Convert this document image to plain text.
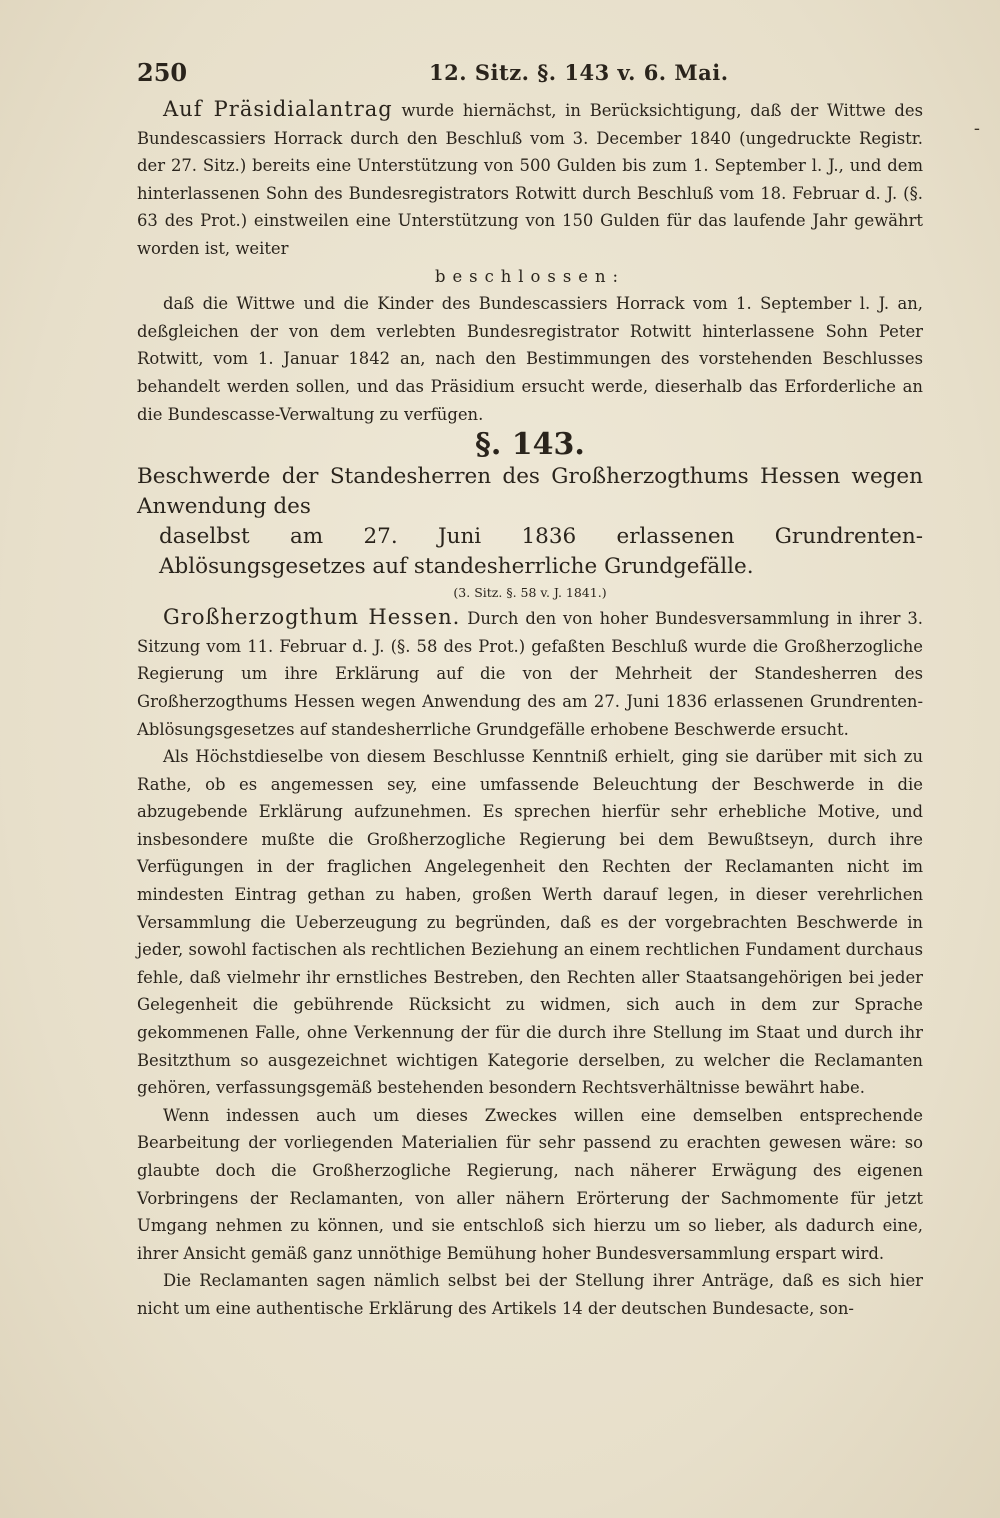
250	12. Sitz. §. 143 v. 6. Mai.
-

Auf Präsidialantrag wurde hiernächst, in Berücksichtigung, daß der Wittwe des Bundescassiers Horrack durch den Beschluß vom 3. December 1840 (ungedruckte Registr. der 27. Sitz.) bereits eine Unterstützung von 500 Gulden bis zum 1. September l. J., und dem hinterlassenen Sohn des Bundesregistrators Rotwitt durch Beschluß vom 18. Februar d. J. (§. 63 des Prot.) einstweilen eine Unterstützung von 150 Gulden für das laufende Jahr gewährt worden ist, weiter

beschlossen:

daß die Wittwe und die Kinder des Bundescassiers Horrack vom 1. September l. J. an, deßgleichen der von dem verlebten Bundesregistrator Rotwitt hinterlassene Sohn Peter Rotwitt, vom 1. Januar 1842 an, nach den Bestimmungen des vorstehenden Beschlusses behandelt werden sollen, und das Präsidium ersucht werde, dieserhalb das Erforderliche an die Bundescasse-Verwaltung zu verfügen.

§. 143.

Beschwerde der Standesherren des Großherzogthums Hessen wegen Anwendung des
daselbst am 27. Juni 1836 erlassenen Grundrenten-Ablösungsgesetzes auf standesherrliche Grundgefälle.

(3. Sitz. §. 58 v. J. 1841.)

Großherzogthum Hessen. Durch den von hoher Bundesversammlung in ihrer 3. Sitzung vom 11. Februar d. J. (§. 58 des Prot.) gefaßten Beschluß wurde die Großherzogliche Regierung um ihre Erklärung auf die von der Mehrheit der Standesherren des Großherzogthums Hessen wegen Anwendung des am 27. Juni 1836 erlassenen Grundrenten-Ablösungsgesetzes auf standesherrliche Grundgefälle erhobene Beschwerde ersucht.

Als Höchstdieselbe von diesem Beschlusse Kenntniß erhielt, ging sie darüber mit sich zu Rathe, ob es angemessen sey, eine umfassende Beleuchtung der Beschwerde in die abzugebende Erklärung aufzunehmen. Es sprechen hierfür sehr erhebliche Motive, und insbesondere mußte die Großherzogliche Regierung bei dem Bewußtseyn, durch ihre Verfügungen in der fraglichen Angelegenheit den Rechten der Reclamanten nicht im mindesten Eintrag gethan zu haben, großen Werth darauf legen, in dieser verehrlichen Versammlung die Ueberzeugung zu begründen, daß es der vorgebrachten Beschwerde in jeder, sowohl factischen als rechtlichen Beziehung an einem rechtlichen Fundament durchaus fehle, daß vielmehr ihr ernstliches Bestreben, den Rechten aller Staatsangehörigen bei jeder Gelegenheit die gebührende Rücksicht zu widmen, sich auch in dem zur Sprache gekommenen Falle, ohne Verkennung der für die durch ihre Stellung im Staat und durch ihr Besitzthum so ausgezeichnet wichtigen Kategorie derselben, zu welcher die Reclamanten gehören, verfassungsgemäß bestehenden besondern Rechtsverhältnisse bewährt habe.

Wenn indessen auch um dieses Zweckes willen eine demselben entsprechende Bearbeitung der vorliegenden Materialien für sehr passend zu erachten gewesen wäre: so glaubte doch die Großherzogliche Regierung, nach näherer Erwägung des eigenen Vorbringens der Reclamanten, von aller nähern Erörterung der Sachmomente für jetzt Umgang nehmen zu können, und sie entschloß sich hierzu um so lieber, als dadurch eine, ihrer Ansicht gemäß ganz unnöthige Bemühung hoher Bundesversammlung erspart wird.

Die Reclamanten sagen nämlich selbst bei der Stellung ihrer Anträge, daß es sich hier nicht um eine authentische Erklärung des Artikels 14 der deutschen Bundesacte, son-
